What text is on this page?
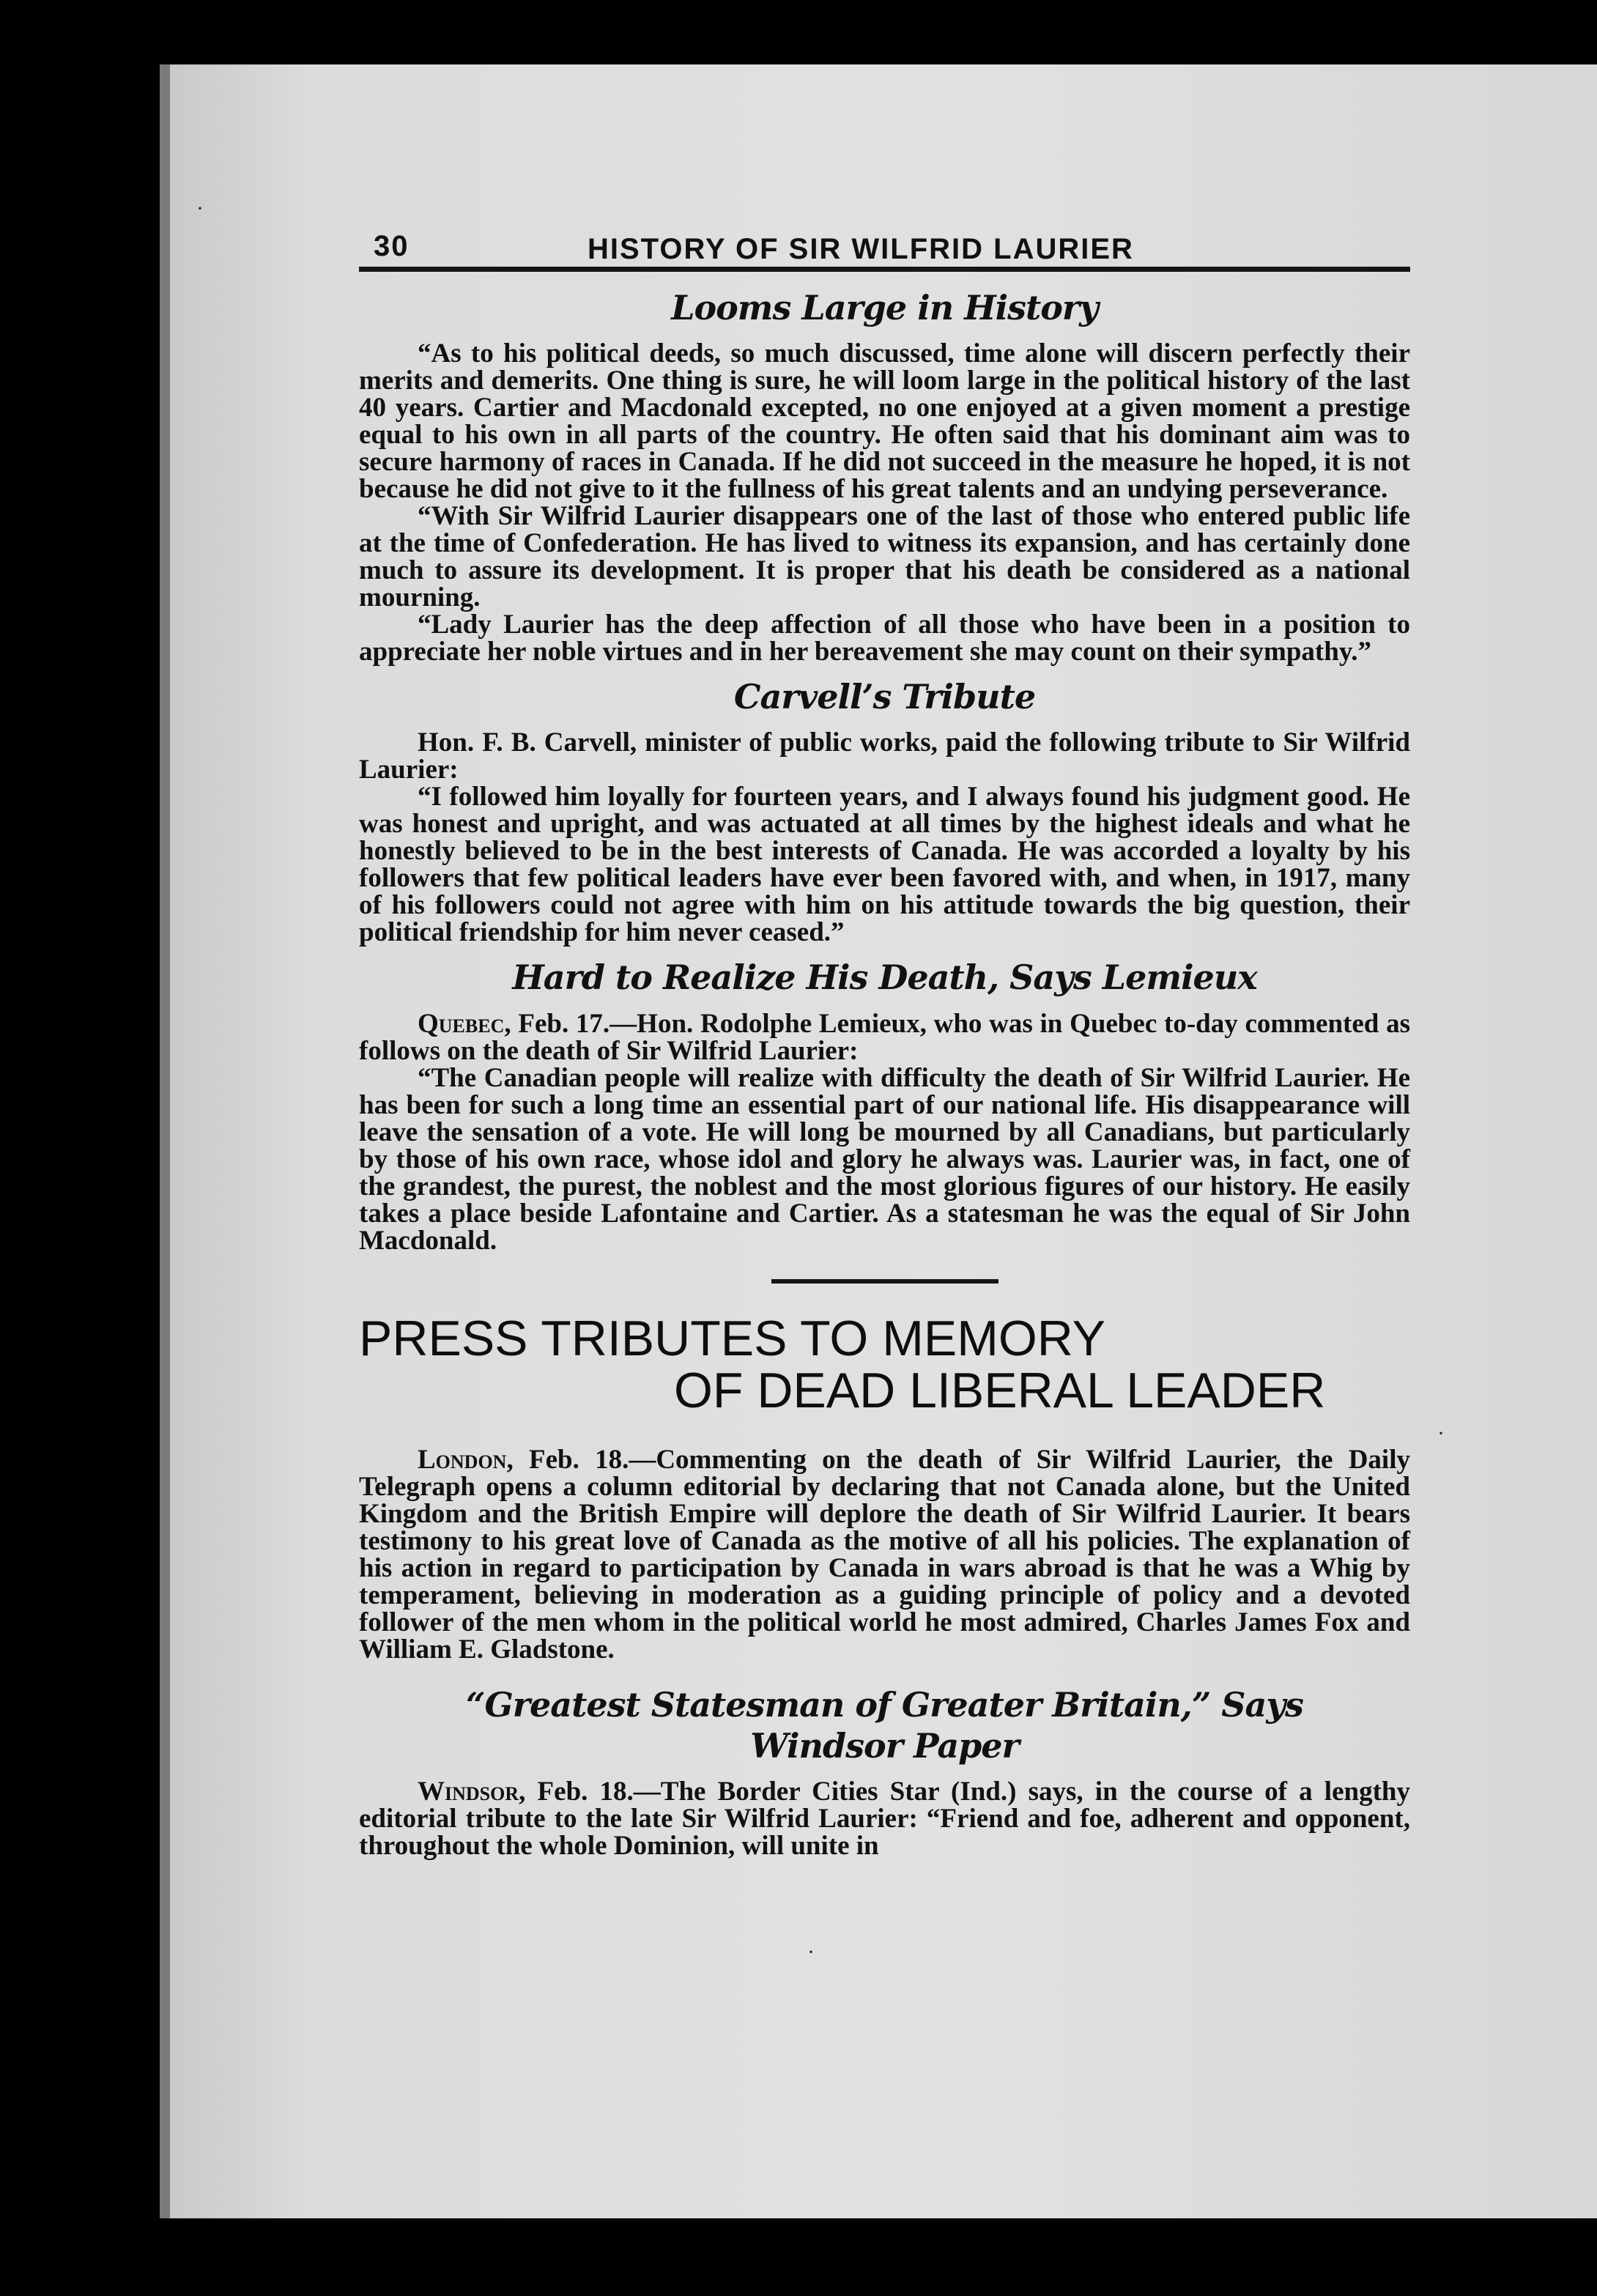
·
·
·
30	HISTORY OF SIR WILFRID LAURIER
Looms Large in History

“As to his political deeds, so much discussed, time alone will discern perfectly their merits and demerits. One thing is sure, he will loom large in the political history of the last 40 years. Cartier and Macdonald excepted, no one enjoyed at a given moment a prestige equal to his own in all parts of the country. He often said that his dominant aim was to secure harmony of races in Canada. If he did not succeed in the measure he hoped, it is not because he did not give to it the fullness of his great talents and an undying perseverance.

“With Sir Wilfrid Laurier disappears one of the last of those who entered public life at the time of Confederation. He has lived to witness its expansion, and has certainly done much to assure its development. It is proper that his death be considered as a national mourning.

“Lady Laurier has the deep affection of all those who have been in a position to appreciate her noble virtues and in her bereavement she may count on their sympathy.”

Carvell’s Tribute

Hon. F. B. Carvell, minister of public works, paid the following tribute to Sir Wilfrid Laurier:

“I followed him loyally for fourteen years, and I always found his judgment good. He was honest and upright, and was actuated at all times by the highest ideals and what he honestly believed to be in the best interests of Canada. He was accorded a loyalty by his followers that few political leaders have ever been favored with, and when, in 1917, many of his followers could not agree with him on his attitude towards the big question, their political friendship for him never ceased.”

Hard to Realize His Death, Says Lemieux

Quebec, Feb. 17.—Hon. Rodolphe Lemieux, who was in Quebec to-day commented as follows on the death of Sir Wilfrid Laurier:

“The Canadian people will realize with difficulty the death of Sir Wilfrid Laurier. He has been for such a long time an essential part of our national life. His disappearance will leave the sensation of a vote. He will long be mourned by all Canadians, but particularly by those of his own race, whose idol and glory he always was. Laurier was, in fact, one of the grandest, the purest, the noblest and the most glorious figures of our history. He easily takes a place beside Lafontaine and Cartier. As a statesman he was the equal of Sir John Macdonald.

PRESS TRIBUTES TO MEMORY
OF DEAD LIBERAL LEADER

London, Feb. 18.—Commenting on the death of Sir Wilfrid Laurier, the Daily Telegraph opens a column editorial by declaring that not Canada alone, but the United Kingdom and the British Empire will deplore the death of Sir Wilfrid Laurier. It bears testimony to his great love of Canada as the motive of all his policies. The explanation of his action in regard to participation by Canada in wars abroad is that he was a Whig by temperament, believing in moderation as a guiding principle of policy and a devoted follower of the men whom in the political world he most admired, Charles James Fox and William E. Gladstone.

“Greatest Statesman of Greater Britain,” Says Windsor Paper

Windsor, Feb. 18.—The Border Cities Star (Ind.) says, in the course of a lengthy editorial tribute to the late Sir Wilfrid Laurier: “Friend and foe, adherent and opponent, throughout the whole Dominion, will unite in
